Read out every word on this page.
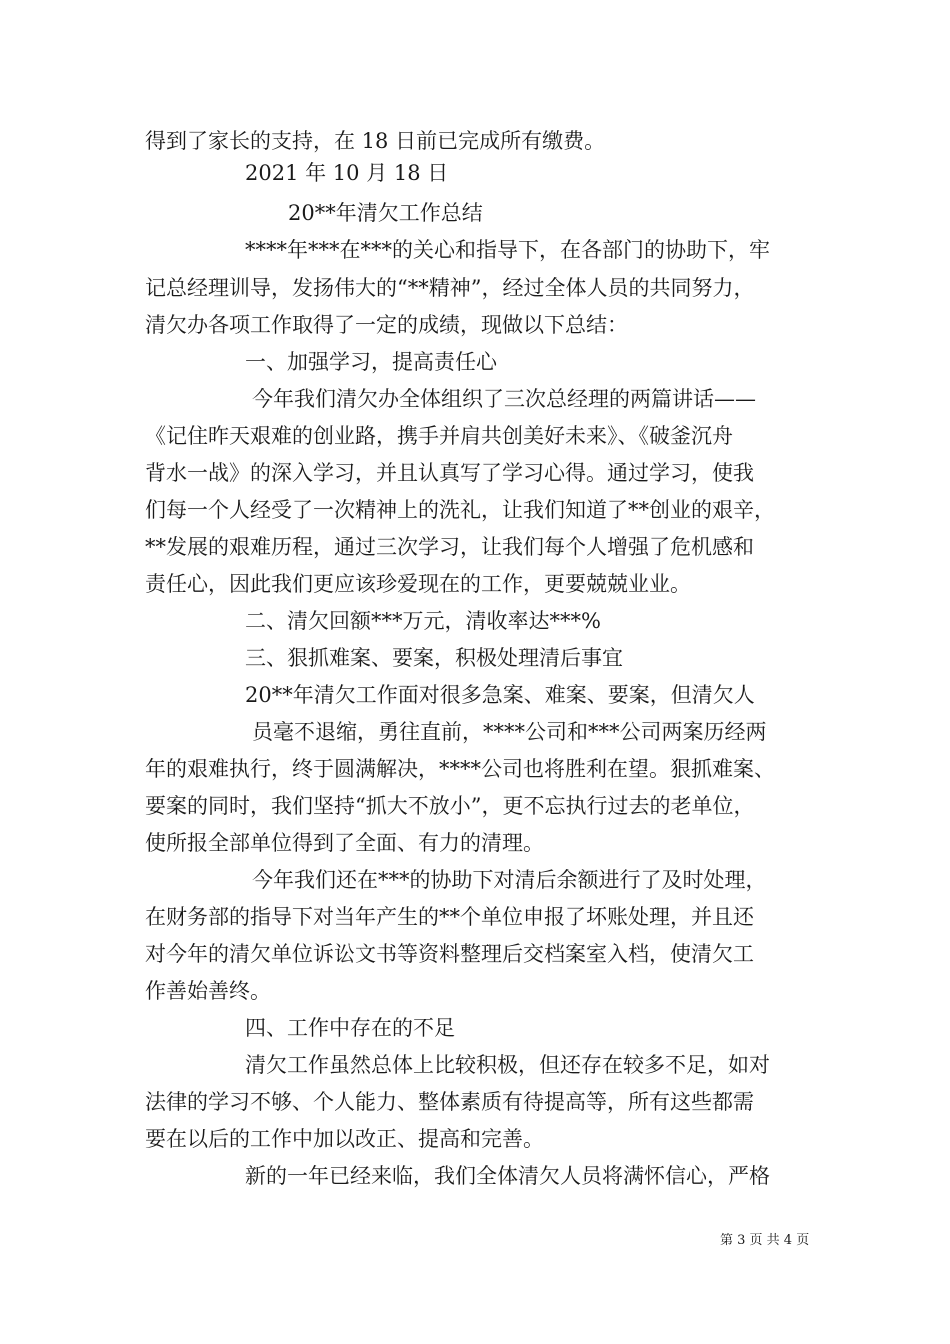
得到了家长的支持，在 18 日前已完成所有缴费。
2021 年 10 月 18 日
20**年清欠工作总结
****年***在***的关心和指导下，在各部门的协助下，牢
记总经理训导，发扬伟大的“**精神”，经过全体人员的共同努力，
清欠办各项工作取得了一定的成绩，现做以下总结：
一、加强学习，提高责任心
今年我们清欠办全体组织了三次总经理的两篇讲话——
《记住昨天艰难的创业路，携手并肩共创美好未来》、《破釜沉舟
背水一战》的深入学习，并且认真写了学习心得。通过学习，使我
们每一个人经受了一次精神上的洗礼，让我们知道了**创业的艰辛，
**发展的艰难历程，通过三次学习，让我们每个人增强了危机感和
责任心，因此我们更应该珍爱现在的工作，更要兢兢业业。
二、清欠回额***万元，清收率达***%
三、狠抓难案、要案，积极处理清后事宜
20**年清欠工作面对很多急案、难案、要案，但清欠人
员毫不退缩，勇往直前，****公司和***公司两案历经两
年的艰难执行，终于圆满解决，****公司也将胜利在望。狠抓难案、
要案的同时，我们坚持“抓大不放小”，更不忘执行过去的老单位，
使所报全部单位得到了全面、有力的清理。
今年我们还在***的协助下对清后余额进行了及时处理，
在财务部的指导下对当年产生的**个单位申报了坏账处理，并且还
对今年的清欠单位诉讼文书等资料整理后交档案室入档，使清欠工
作善始善终。
四、工作中存在的不足
清欠工作虽然总体上比较积极，但还存在较多不足，如对
法律的学习不够、个人能力、整体素质有待提高等，所有这些都需
要在以后的工作中加以改正、提高和完善。
新的一年已经来临，我们全体清欠人员将满怀信心，严格
第 3 页 共 4 页
